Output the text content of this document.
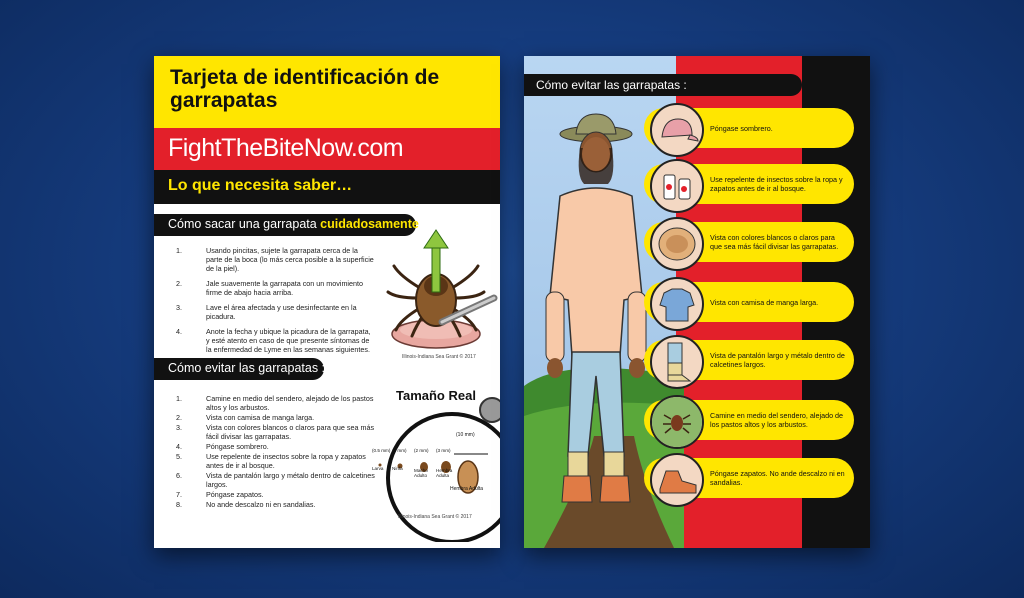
Tarjeta de identificación de garrapatas
FightTheBiteNow.com
Lo que necesita saber…
Cómo sacar una garrapata cuidadosamente :
1.	Usando pincitas, sujete la garrapata cerca de la parte de la boca (lo más cerca posible a la superficie de la piel).
2.	Jale suavemente la garrapata con un movimiento firme de abajo hacia arriba.
3.	Lave el área afectada y use desinfectante en la picadura.
4.	Anote la fecha y ubique la picadura de la garrapata, y esté atento en caso de que presente síntomas de la enfermedad de Lyme en las semanas siguientes.
Illinois-Indiana Sea Grant © 2017
Cómo evitar las garrapatas :
1.	Camine en medio del sendero, alejado de los pastos altos y los arbustos.
2.	Vista con camisa de manga larga.
3.	Vista con colores blancos o claros para que sea más fácil divisar las garrapatas.
4.	Póngase sombrero.
5.	Use repelente de insectos sobre la ropa y zapatos antes de ir al bosque.
6.	Vista de pantalón largo y métalo dentro de calcetines largos.
7.	Póngase zapatos.
8.	No ande descalzo ni en sandalias.
Tamaño Real
(0.5 mm)
Larva
(1 mm)
Ninfa
(2 mm)
Macho Adulto
(3 mm)
Hembra Adulta
(10 mm)
Hembra Adulta
Illinois-Indiana Sea Grant © 2017
Cómo evitar las garrapatas :
Póngase sombrero.
Use repelente de insectos sobre la ropa y zapatos antes de ir al bosque.
Vista con colores blancos o claros para que sea más fácil divisar las garrapatas.
Vista con camisa de manga larga.
Vista de pantalón largo y métalo dentro de calcetines largos.
Camine en medio del sendero, alejado de los pastos altos y los arbustos.
Póngase zapatos. No ande descalzo ni en sandalias.
